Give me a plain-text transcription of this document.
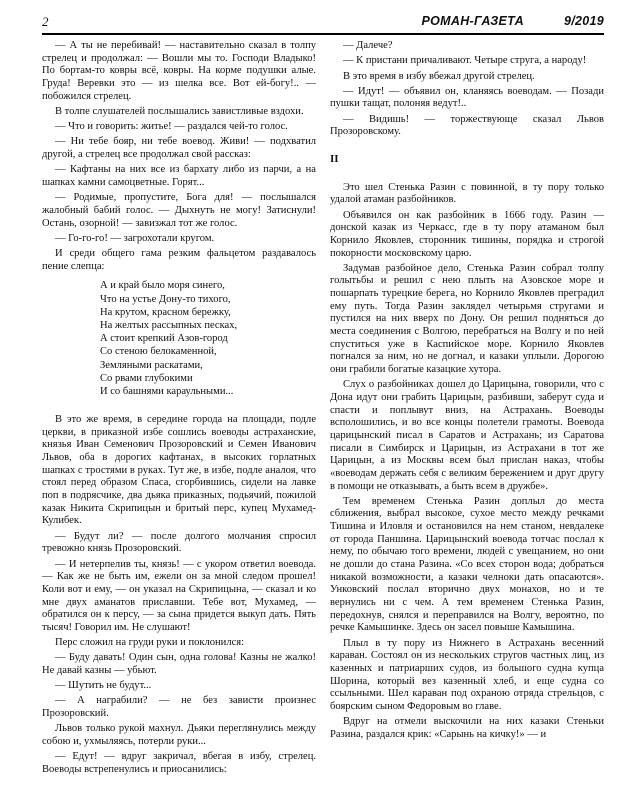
2	РОМАН-ГАЗЕТА	9/2019
— А ты не перебивай! — наставительно сказал в толпу стрелец и продолжал: — Вошли мы то. Господи Владыко! По бортам-то ковры всё, ковры. На корме подушки алые. Груда! Веревки это — из шелка все. Вот ей-богу!.. — побожился стрелец.
В толпе слушателей послышались завистливые вздохи.
— Что и говорить: житье! — раздался чей-то голос.
— Ни тебе бояр, ни тебе воевод. Живи! — подхватил другой, а стрелец все продолжал свой рассказ:
— Кафтаны на них все из бархату либо из парчи, а на шапках камни самоцветные. Горят...
— Родимые, пропустите, Бога для! — послышался жалобный бабий голос. — Дыхнуть не могу! Затиснули! Остань, озорной! — завизжал тот же голос.
— Го-го-го! — загрохотали кругом.
И среди общего гама резким фальцетом раздавалось пение слепца:
А и край было моря синего,
Что на устье Дону-то тихого,
На крутом, красном бережку,
На желтых рассыпных песках,
А стоит крепкий Азов-город
Со стеною белокаменной,
Земляными раскатами,
Со рвами глубокими
И со башнями караульными...
В это же время, в середине города на площади, подле церкви, в приказной избе сошлись воеводы астраханские, князья Иван Семенович Прозоровский и Семен Иванович Львов, оба в дорогих кафтанах, в высоких горлатных шапках с тростями в руках. Тут же, в избе, подле аналоя, что стоял перед образом Спаса, сгорбившись, сидели на лавке поп в подрясчике, два дьяка приказных, подьячий, пожилой казак Никита Скрипицын и бритый перс, купец Мухамед-Кулибек.
— Будут ли? — после долгого молчания спросил тревожно князь Прозоровский.
— И нетерпелив ты, князь! — с укором ответил воевода. — Как же не быть им, ежели он за мной следом прошел! Коли вот и ему, — он указал на Скрипицына, — сказал и ко мне двух аманатов приславши. Тебе вот, Мухамед, — обратился он к персу, — за сына придется выкуп дать. Пять тысяч! Говорил им. Не слушают!
Перс сложил на груди руки и поклонился:
— Буду давать! Один сын, одна голова! Казны не жалко! Не давай казны — убьют.
— Шутить не будут...
— А награбили? — не без зависти произнес Прозоровский.
Львов только рукой махнул. Дьяки переглянулись между собою и, ухмыляясь, потерли руки...
— Едут! — вдруг закричал, вбегая в избу, стрелец. Воеводы встрепенулись и приосанились:
— Далече?
— К пристани причаливают. Четыре струга, а народу!
В это время в избу вбежал другой стрелец.
— Идут! — объявил он, кланяясь воеводам. — Позади пушки тащат, полоняя ведут!..
— Видишь! — торжествующе сказал Львов Прозоровскому.
II
Это шел Стенька Разин с повинной, в ту пору только удалой атаман разбойников.
Объявился он как разбойник в 1666 году. Разин — донской казак из Черкасс, где в ту пору атаманом был Корнило Яковлев, сторонник тишины, порядка и строгой покорности московскому царю.
Задумав разбойное дело, Стенька Разин собрал толпу голытьбы и решил с нею плыть на Азовское море и пошарпать турецкие берега, но Корнило Яковлев преградил ему путь. Тогда Разин заклядел четырьмя стругами и пустился на них вверх по Дону. Он решил подняться до места соединения с Волгою, перебраться на Волгу и по ней спуститься уже в Каспийское море. Корнило Яковлев погнался за ним, но не догнал, и казаки уплыли. Дорогою они грабили богатые казацкие хутора.
Слух о разбойниках дошел до Царицына, говорили, что с Дона идут они грабить Царицын, разбивши, заберут суда и спасти и поплывут вниз, на Астрахань. Воеводы всполошились, и во все концы полетели грамоты. Воевода царицынский писал в Саратов и Астрахань; из Саратова писали в Симбирск и Царицын, из Астрахани в тот же Царицын, а из Москвы всем был прислан наказ, чтобы «воеводам держать себя с великим бережением и друг другу в помощи не отказывать, а быть всем в дружбе».
Тем временем Стенька Разин доплыл до места сближения, выбрал высокое, сухое место между речками Тишина и Иловля и остановился на нем станом, невдалеке от города Паншина. Царицынский воевода тотчас послал к нему, по обычаю того времени, людей с увещанием, но они не дошли до стана Разина. «Со всех сторон вода; добраться никакой возможности, а казаки челноки дать опасаются». Унковский послал вторично двух монахов, но и те вернулись ни с чем. А тем временем Стенька Разин, передохнув, снялся и переправился на Волгу, вероятно, по речке Камышинке. Здесь он засел повыше Камышина.
Плыл в ту пору из Нижнего в Астрахань весенний караван. Состоял он из нескольких стругов частных лиц, из казенных и патриарших судов, из большого судна купца Шорина, который вез казенный хлеб, и еще судна со ссыльными. Шел караван под охраною отряда стрельцов, с боярским сыном Федоровым во главе.
Вдруг на отмели выскочили на них казаки Стеньки Разина, раздался крик: «Сарынь на кичку!» — и
